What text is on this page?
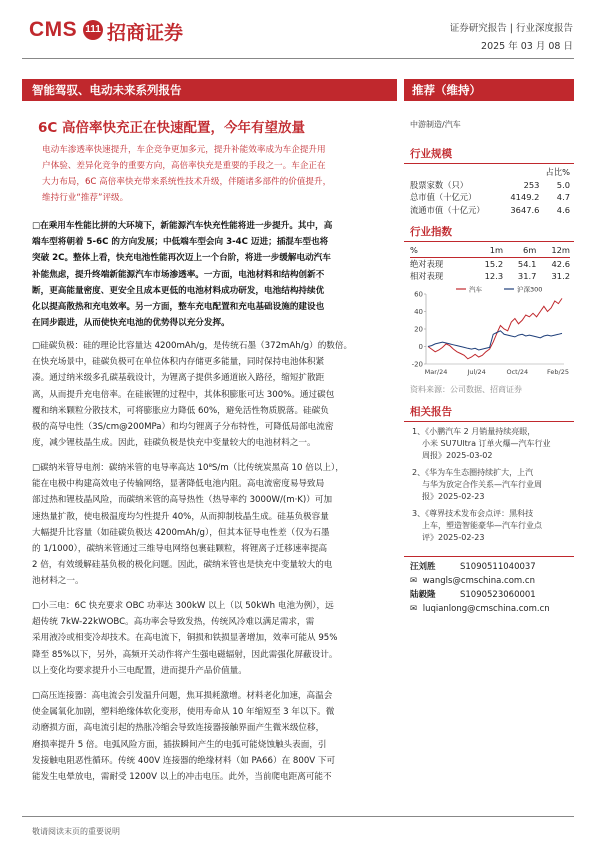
CMS 111 招商证券	证券研究报告 | 行业深度报告
2025 年 03 月 08 日
智能驾驭、电动未来系列报告	推荐（维持）
6C 高倍率快充正在快速配置，今年有望放量
电动车渗透率快速提升，车企竞争更加多元，提升补能效率成为车企提升用
户体验、差异化竞争的重要方向，高倍率快充是重要的手段之一。车企正在
大力布局，6C 高倍率快充带来系统性技术升级，伴随诸多部件的价值提升，
维持行业“推荐”评级。
□在乘用车性能比拼的大环境下，新能源汽车快充性能将进一步提升。其中，高
端车型将朝着 5-6C 的方向发展；中低端车型会向 3-4C 迈进；插混车型也将
突破 2C。整体上看，快充电池性能再次迈上一个台阶，将进一步缓解电动汽车
补能焦虑，提升终端新能源汽车市场渗透率。一方面，电池材料和结构创新不
断，更高能量密度、更安全且成本更低的电池材料成功研发，电池结构持续优
化以提高散热和充电效率。另一方面，整车充电配置和充电基础设施的建设也
在同步跟进，从而使快充电池的优势得以充分发挥。
□硅碳负极：硅的理论比容量达 4200mAh/g，是传统石墨（372mAh/g）的数倍。
在快充场景中，硅碳负极可在单位体积内存储更多能量，同时保持电池体积紧
凑。通过纳米级多孔碳基载设计，为锂离子提供多通道嵌入路径，缩短扩散距
离，从而提升充电倍率。在硅嵌锂的过程中，其体积膨胀可达 300%。通过碳包
覆和纳米颗粒分散技术，可将膨胀应力降低 60%，避免活性物质脱落。硅碳负
极的高导电性（3S/cm@200MPa）和均匀锂离子分布特性，可降低局部电流密
度，减少锂枝晶生成。因此，硅碳负极是快充中变量较大的电池材料之一。
□碳纳米管导电剂：碳纳米管的电导率高达 10⁸S/m（比传统炭黑高 10 倍以上），
能在电极中构建高效电子传输网络，显著降低电池内阻。高电流密度易导致局
部过热和锂枝晶风险，而碳纳米管的高导热性（热导率约 3000W/(m·K)）可加
速热量扩散，使电极温度均匀性提升 40%，从而抑制枝晶生成。硅基负极容量
大幅提升比容量（如硅碳负极达 4200mAh/g），但其本征导电性差（仅为石墨
的 1/1000），碳纳米管通过三维导电网络包裹硅颗粒，将锂离子迁移速率提高
2 倍，有效缓解硅基负极的极化问题。因此，碳纳米管也是快充中变量较大的电
池材料之一。
□小三电：6C 快充要求 OBC 功率达 300kW 以上（以 50kWh 电池为例），远
超传统 7kW-22kWOBC。高功率会导致发热，传统风冷难以满足需求，需
采用液冷或相变冷却技术。在高电流下，铜损和铁损显著增加，效率可能从 95%
降至 85%以下，另外，高频开关动作将产生强电磁辐射，因此需强化屏蔽设计。
以上变化均要求提升小三电配置，进而提升产品价值量。
□高压连接器：高电流会引发温升问题，焦耳损耗激增。材料老化加速，高温会
使金属氧化加剧，塑料绝缘体软化变形，使用寿命从 10 年缩短至 3 年以下。微
动磨损方面，高电流引起的热胀冷缩会导致连接器接触界面产生微米级位移，
磨损率提升 5 倍。电弧风险方面，插拔瞬间产生的电弧可能烧蚀触头表面，引
发接触电阻恶性循环。传统 400V 连接器的绝缘材料（如 PA66）在 800V 下可
能发生电晕放电，需耐受 1200V 以上的冲击电压。此外，当前爬电距离可能不
中游制造/汽车
行业规模
		占比%
股票家数（只）	253	5.0
总市值（十亿元）	4149.2	4.7
流通市值（十亿元）	3647.6	4.6
行业指数
%	1m	6m	12m
绝对表现	15.2	54.1	42.6
相对表现	12.3	31.7	31.2
-20
0
20
40
60
Mar/24	Jul/24	Oct/24	Feb/25
汽车	沪深300
资料来源：公司数据、招商证券
相关报告
1、《小鹏汽车 2 月销量持续亮眼，
小米 SU7Ultra 订单火爆—汽车行业
周报》2025-03-02
2、《华为车生态圈持续扩大，上汽
与华为放定合作关系—汽车行业周
报》2025-02-23
3、《尊界技术发布会点评：黑科技
上车，塑造智能豪华—汽车行业点
评》2025-02-23
汪刘胜	S1090511040037
✉ wangls@cmschina.com.cn
陆毅隆	S1090523060001
✉ luqianlong@cmschina.com.cn
敬请阅读末页的重要说明
